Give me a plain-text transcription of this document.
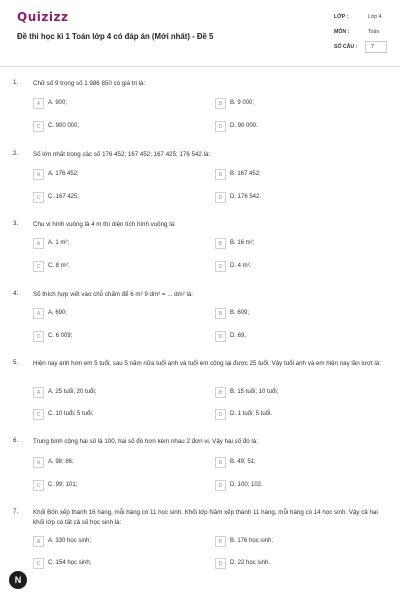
Quizizz
Đề thi học kì 1 Toán lớp 4 có đáp án (Mới nhất) - Đề 5
LỚP :	Lớp 4
MÔN :	Toán
SỐ CÂU :	7
1. Chữ số 9 trong số 1 986 850 có giá trị là:
A	A. 900;	B	B. 9 000;
C	C. 900 000;	D	D. 90 000.
2. Số lớn nhất trong các số 176 452; 167 452; 167 425; 176 542 là:
A	A. 176 452;	B	B. 167 452;
C	C. 167 425;	D	D. 176 542.
3. Chu vi hình vuông là 4 m thì diện tích hình vuông là:
A	A. 1 m²;	B	B. 16 m²;
C	C. 8 m²;	D	D. 4 m².
4. Số thích hợp viết vào chỗ chấm để 6 m² 9 dm² = ... dm² là:
A	A. 690;	B	B. 609;
C	C. 6 009;	D	D. 69.
5. Hiện nay anh hơn em 5 tuổi, sau 5 năm nữa tuổi anh và tuổi em cộng lại được 25 tuổi. Vậy tuổi anh và em hiện nay lần lượt là:
A	A. 25 tuổi; 20 tuổi;	B	B. 15 tuổi; 10 tuổi;
C	C. 10 tuổi; 5 tuổi;	D	D. 1 tuổi; 5 tuổi.
6. Trung bình cộng hai số là 100, hai số đó hơn kém nhau 2 đơn vị. Vậy hai số đó là:
A	A. 98; 86;	B	B. 49; 51;
C	C. 99; 101;	D	D. 100; 102.
7. Khối Bốn xếp thành 16 hàng, mỗi hàng có 11 học sinh. Khối lớp Năm xếp thành 11 hàng, mỗi hàng có 14 học sinh. Vậy cả hai khối lớp có tất cả số học sinh là:
A	A. 330 học sinh;	B	B. 176 học sinh;
C	C. 154 học sinh;	D	D. 22 học sinh.
N
